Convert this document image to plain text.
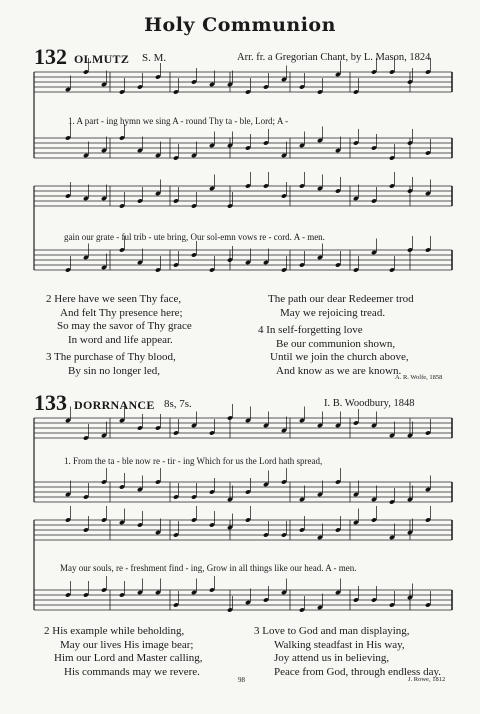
Holy Communion
132 OLMUTZ S. M.	Arr. fr. a Gregorian Chant, by L. Mason, 1824
1. A part - ing hymn we sing A - round Thy ta - ble, Lord; A -
gain our grate - ful trib - ute bring, Our sol-emn vows re - cord. A - men.
2 Here have we seen Thy face,
And felt Thy presence here;
So may the savor of Thy grace
In word and life appear.
3 The purchase of Thy blood,
By sin no longer led,
The path our dear Redeemer trod
May we rejoicing tread.
4 In self-forgetting love
Be our communion shown,
Until we join the church above,
And know as we are known.
A. R. Wolfe, 1858
133 DORRNANCE 8s, 7s.	I. B. Woodbury, 1848
1. From the ta - ble now re - tir - ing Which for us the Lord hath spread,
May our souls, re - freshment find - ing, Grow in all things like our head. A - men.
2 His example while beholding,
May our lives His image bear;
Him our Lord and Master calling,
His commands may we revere.
3 Love to God and man displaying,
Walking steadfast in His way,
Joy attend us in believing,
Peace from God, through endless day.
98	J. Rowe, 1812
